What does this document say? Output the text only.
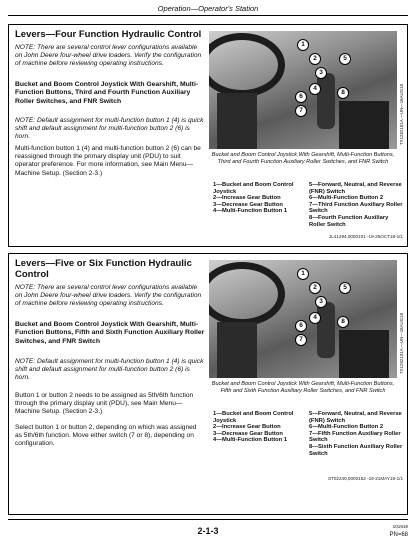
Operation—Operator's Station
Levers—Four Function Hydraulic Control
NOTE: There are several control lever configurations available on John Deere four-wheel drive loaders. Verify the configuration of machine before reviewing operating instructions.
Bucket and Boom Control Joystick With Gearshift, Multi-Function Buttons, Third and Fourth Function Auxiliary Roller Switches, and FNR Switch
NOTE: Default assignment for multi-function button 1 (4) is quick shift and default assignment for multi-function button 2 (6) is horn.
Multi-function button 1 (4) and multi-function button 2 (6) can be reassigned through the primary display unit (PDU) to suit operator preference. For more information, see Main Menu—Machine Setup. (Section 2-3.)
1
2
3
4
5
6
7
8	TX1282181A —UN—18AUG18
Bucket and Boom Control Joystick With Gearshift, Multi-Function Buttons, Third and Fourth Function Auxiliary Roller Switches, and FNR Switch
1—Bucket and Boom Control Joystick
2—Increase Gear Button
3—Decrease Gear Button
4—Multi-Function Button 1
5—Forward, Neutral, and Reverse (FNR) Switch
6—Multi-Function Button 2
7—Third Function Auxiliary Roller Switch
8—Fourth Function Auxiliary Roller Switch
JL41294,0000101 -19-25OCT18-1/1
Levers—Five or Six Function Hydraulic Control
NOTE: There are several control lever configurations available on John Deere four-wheel drive loaders. Verify the configuration of machine before reviewing operating instructions.
Bucket and Boom Control Joystick With Gearshift, Multi-Function Buttons, Fifth and Sixth Function Auxiliary Roller Switches, and FNR Switch
NOTE: Default assignment for multi-function button 1 (4) is quick shift and default assignment for multi-function button 2 (6) is horn.
Button 1 or button 2 needs to be assigned as 5th/6th function through the primary display unit (PDU), see Main Menu—Machine Setup. (Section 2-3.)
Select button 1 or button 2, depending on which was assigned as 5th/6th function. Move either switch (7 or 8), depending on configuration.
1
2
3
4
5
6
7
8	TX1282191A —UN—18AUG18
Bucket and Boom Control Joystick With Gearshift, Multi-Function Buttons, Fifth and Sixth Function Auxiliary Roller Switches, and FNR Switch
1—Bucket and Boom Control Joystick
2—Increase Gear Button
3—Decrease Gear Button
4—Multi-Function Button 1
5—Forward, Neutral, and Reverse (FNR) Switch
6—Multi-Function Button 2
7—Fifth Function Auxiliary Roller Switch
8—Sixth Function Auxiliary Roller Switch
ST02240,0000152 -19-21MAY19-1/1
2-1-3	101919
PN=68
